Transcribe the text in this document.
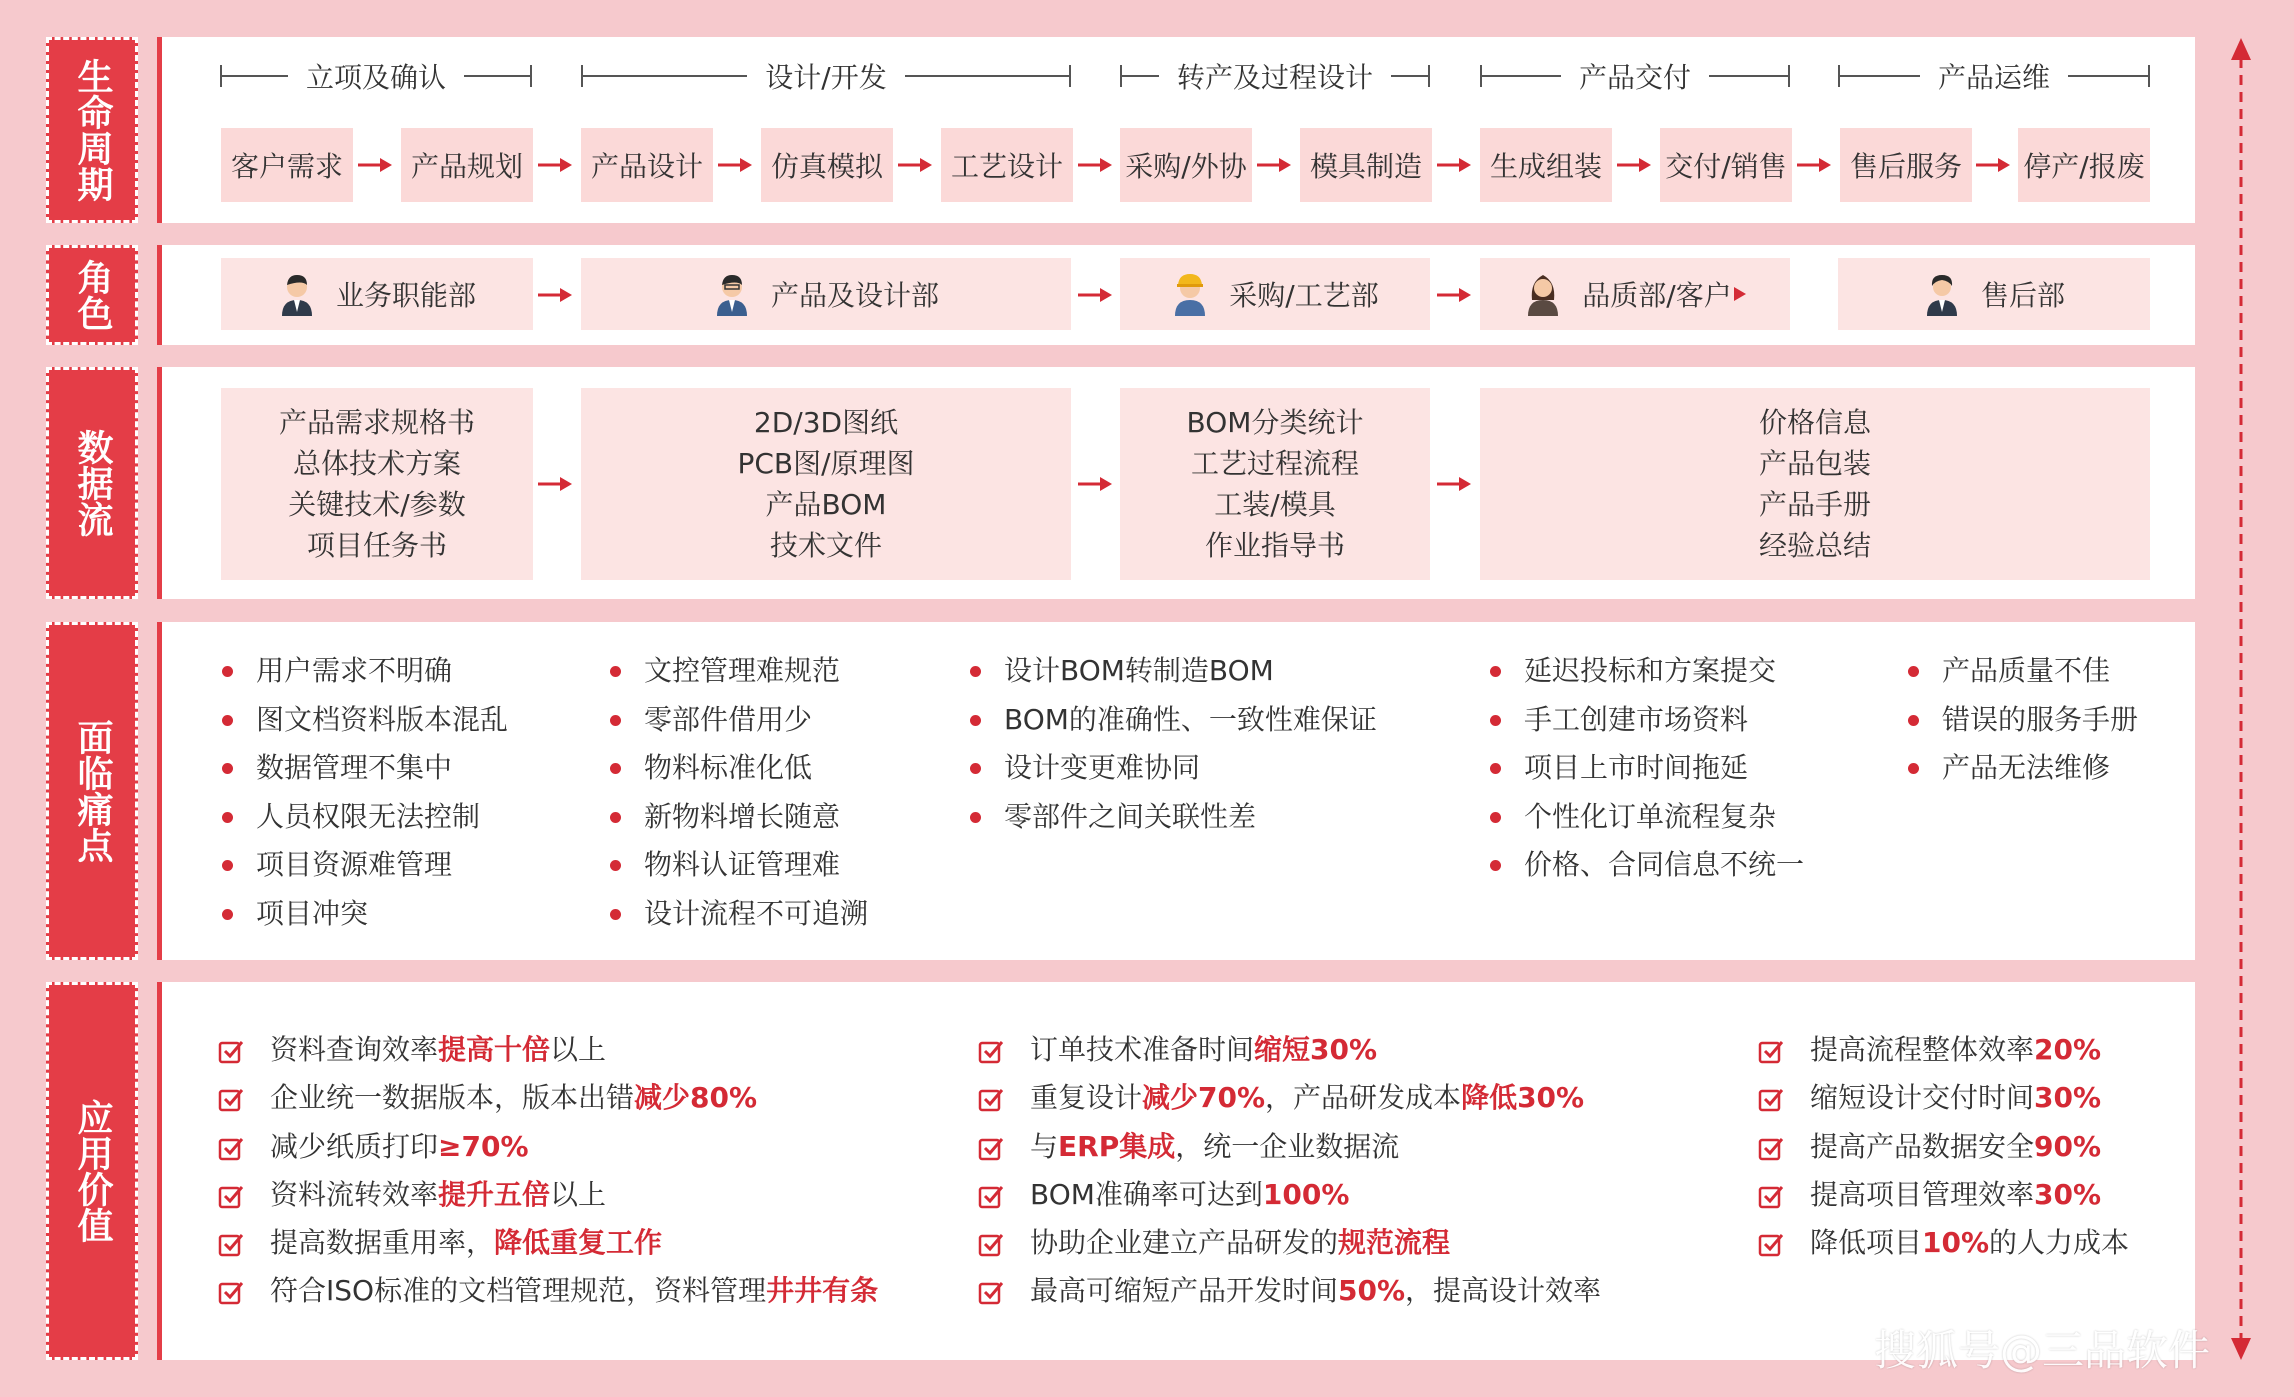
生命周期
角色
数据流
面临痛点
应用价值
立项及确认	设计/开发	转产及过程设计	产品交付	产品运维
客户需求	产品规划	产品设计	仿真模拟	工艺设计	采购/外协	模具制造	生成组装	交付/销售	售后服务	停产/报废
业务职能部	产品及设计部	采购/工艺部	品质部/客户	售后部
产品需求规格书
总体技术方案
关键技术/参数
项目任务书
2D/3D图纸
PCB图/原理图
产品BOM
技术文件
BOM分类统计
工艺过程流程
工装/模具
作业指导书
价格信息
产品包装
产品手册
经验总结
用户需求不明确
图文档资料版本混乱
数据管理不集中
人员权限无法控制
项目资源难管理
项目冲突
文控管理难规范
零部件借用少
物料标准化低
新物料增长随意
物料认证管理难
设计流程不可追溯
设计BOM转制造BOM
BOM的准确性、一致性难保证
设计变更难协同
零部件之间关联性差
延迟投标和方案提交
手工创建市场资料
项目上市时间拖延
个性化订单流程复杂
价格、合同信息不统一
产品质量不佳
错误的服务手册
产品无法维修
资料查询效率提高十倍以上
企业统一数据版本，版本出错减少80%
减少纸质打印≥70%
资料流转效率提升五倍以上
提高数据重用率，降低重复工作
符合ISO标准的文档管理规范，资料管理井井有条
订单技术准备时间缩短30%
重复设计减少70%，产品研发成本降低30%
与ERP集成，统一企业数据流
BOM准确率可达到100%
协助企业建立产品研发的规范流程
最高可缩短产品开发时间50%，提高设计效率
提高流程整体效率20%
缩短设计交付时间30%
提高产品数据安全90%
提高项目管理效率30%
降低项目10%的人力成本
搜狐号@三品软件
